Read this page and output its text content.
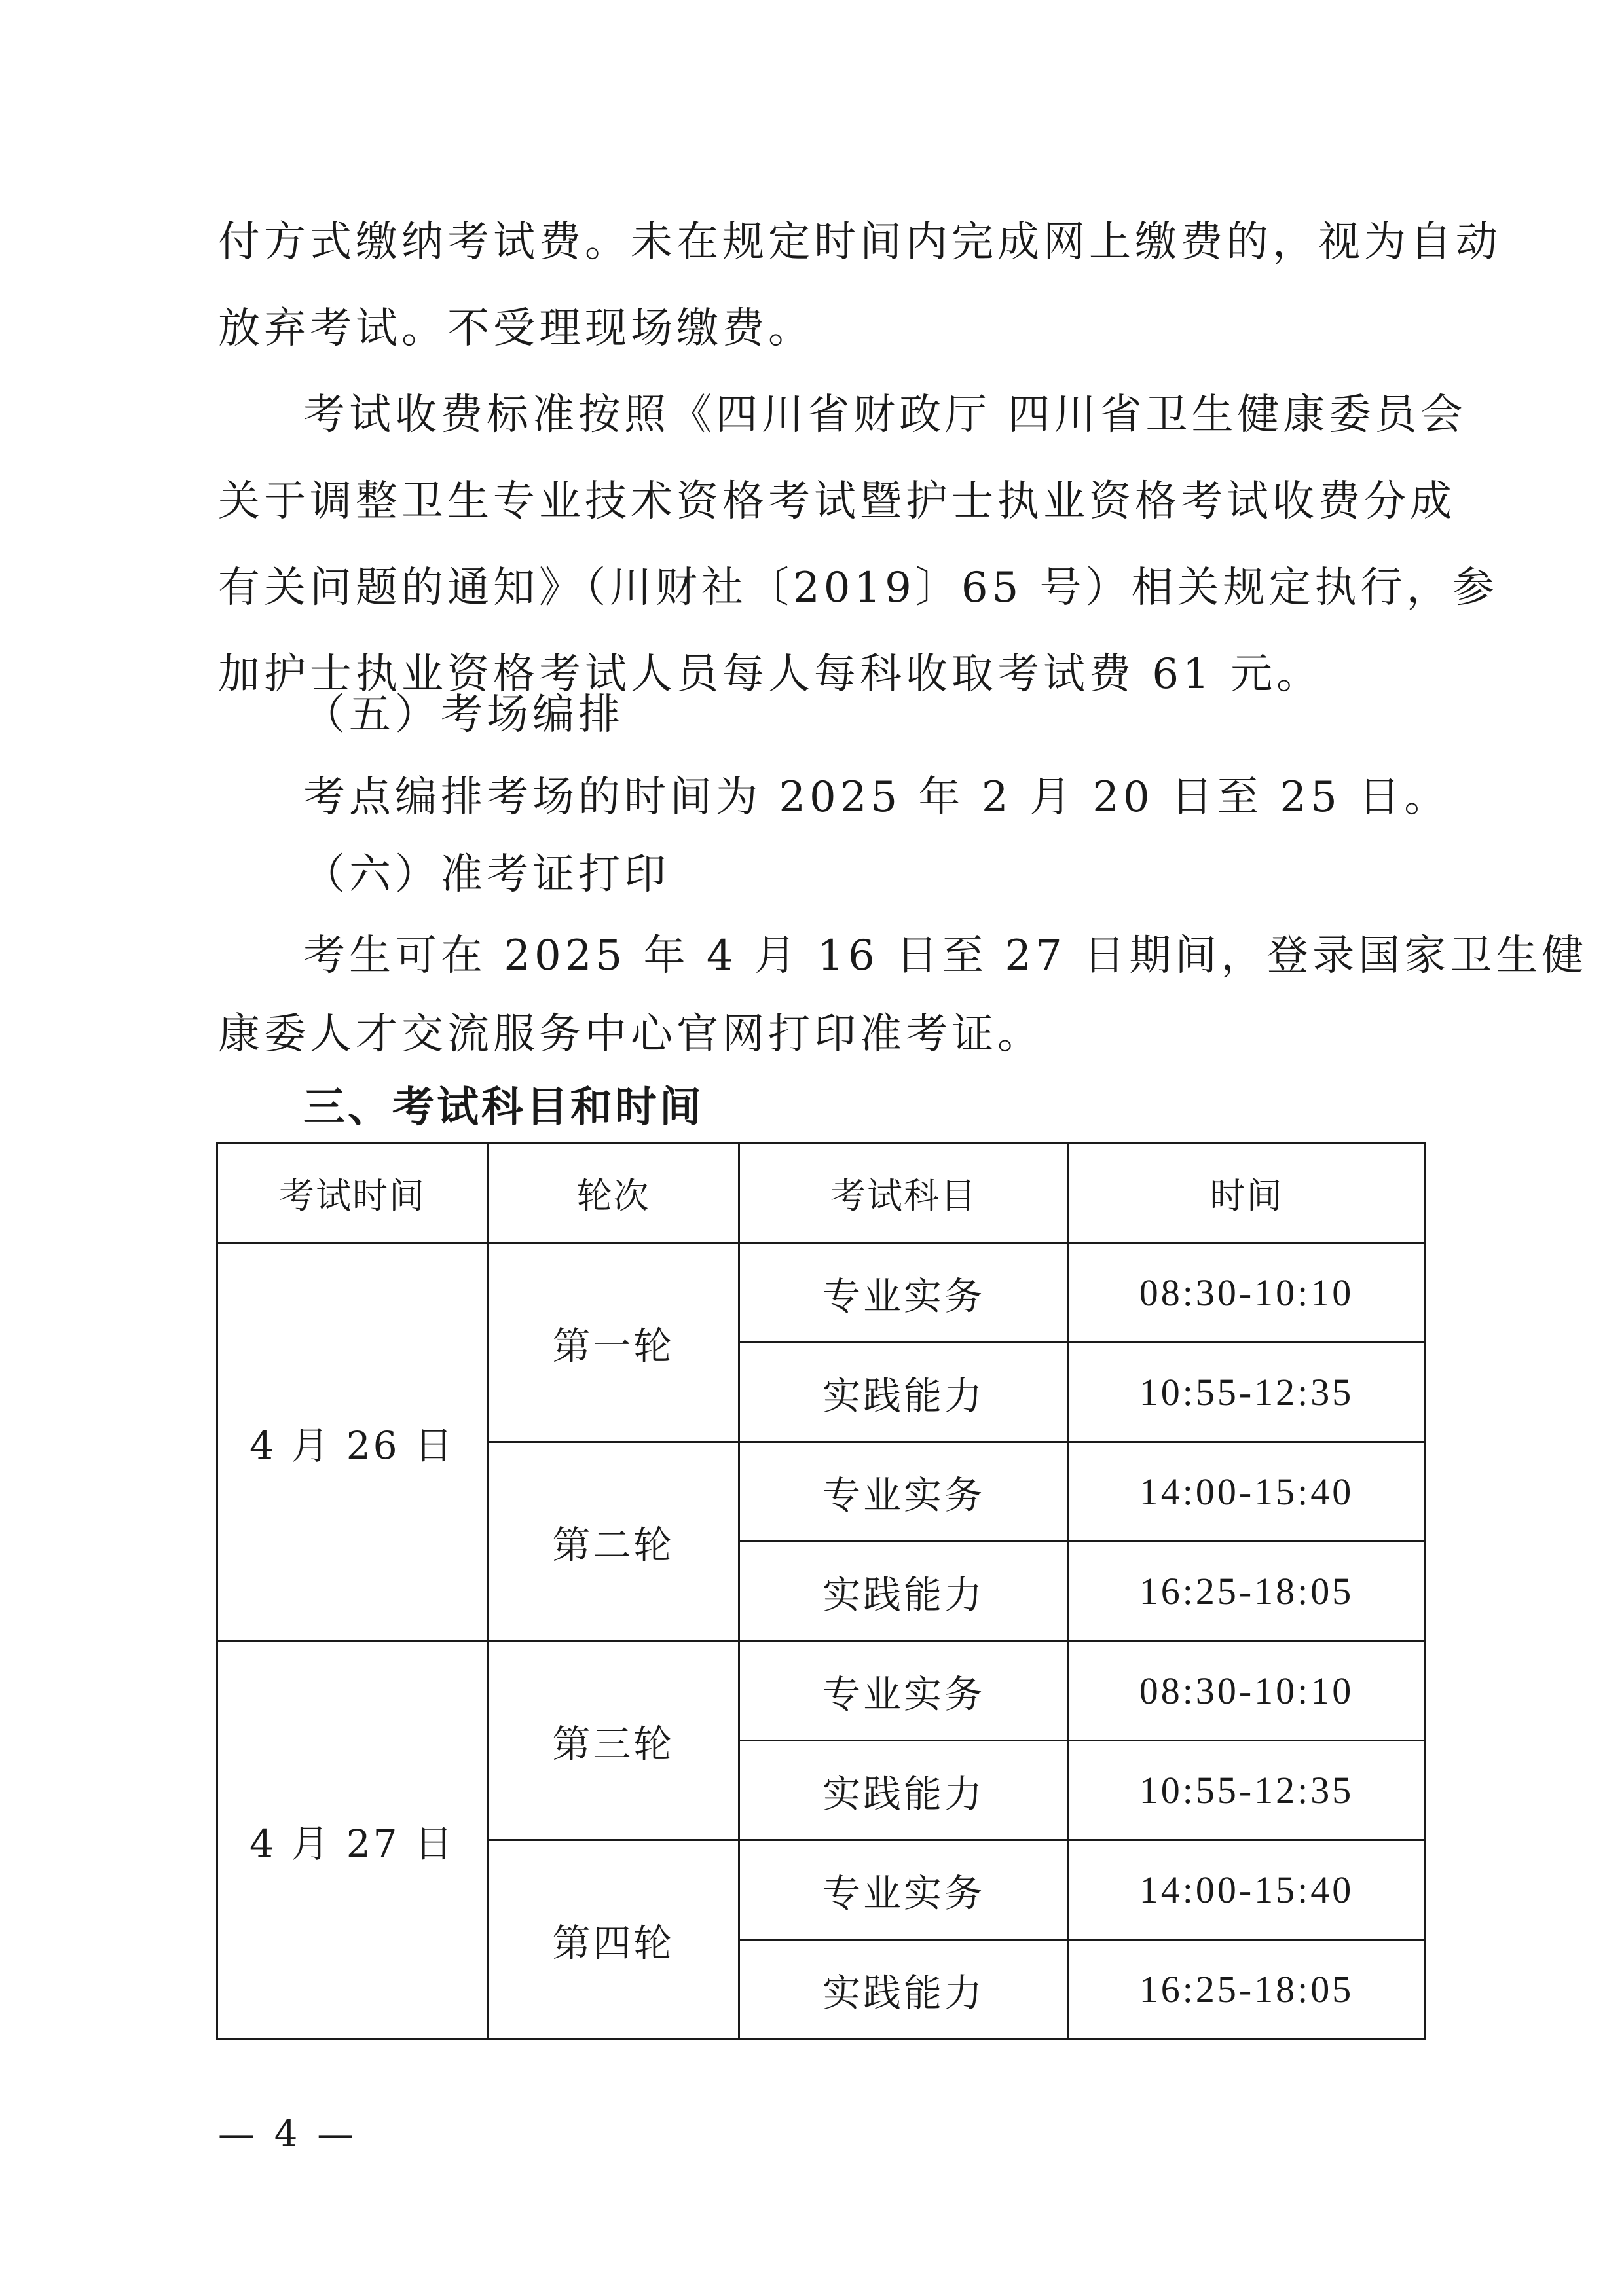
付方式缴纳考试费。未在规定时间内完成网上缴费的，视为自动
放弃考试。不受理现场缴费。
考试收费标准按照《四川省财政厅 四川省卫生健康委员会
关于调整卫生专业技术资格考试暨护士执业资格考试收费分成
有关问题的通知》（川财社〔2019〕65 号）相关规定执行，参
加护士执业资格考试人员每人每科收取考试费 61 元。
（五）考场编排
考点编排考场的时间为 2025 年 2 月 20 日至 25 日。
（六）准考证打印
考生可在 2025 年 4 月 16 日至 27 日期间，登录国家卫生健
康委人才交流服务中心官网打印准考证。
三、考试科目和时间
考试时间	轮次	考试科目	时间
4 月 26 日	第一轮	专业实务	08:30-10:10
		实践能力	10:55-12:35
	第二轮	专业实务	14:00-15:40
		实践能力	16:25-18:05
4 月 27 日	第三轮	专业实务	08:30-10:10
		实践能力	10:55-12:35
	第四轮	专业实务	14:00-15:40
		实践能力	16:25-18:05
— 4 —
